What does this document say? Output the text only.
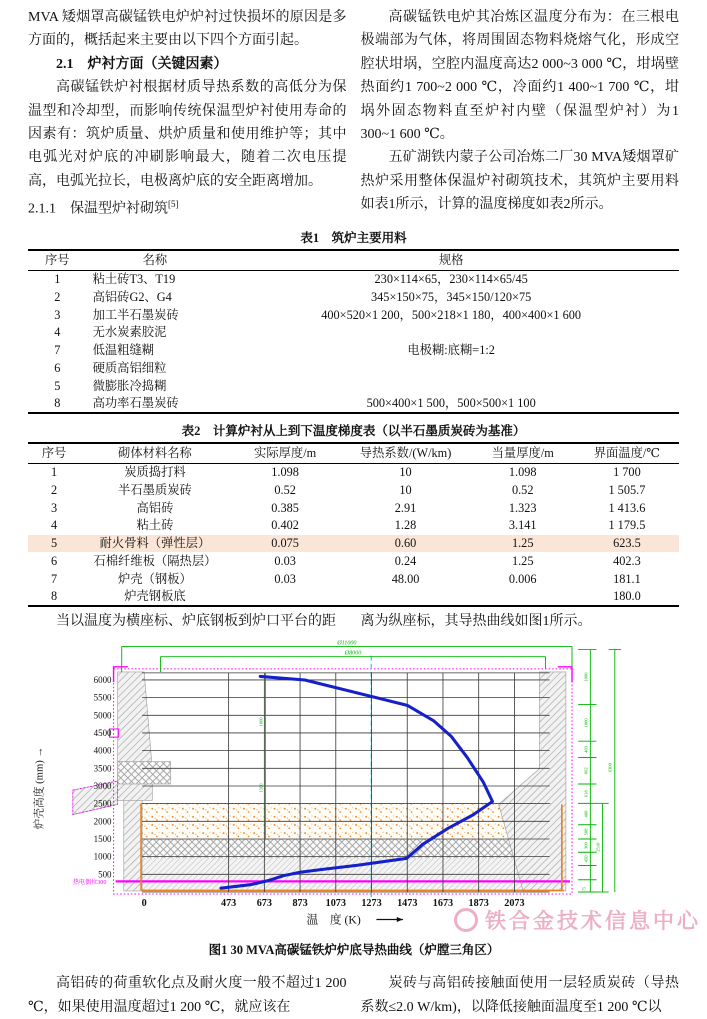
MVA 矮烟罩高碳锰铁电炉炉衬过快损坏的原因是多方面的，概括起来主要由以下四个方面引起。

2.1　炉衬方面（关键因素）

高碳锰铁炉衬根据材质导热系数的高低分为保温型和冷却型，而影响传统保温型炉衬使用寿命的因素有：筑炉质量、烘炉质量和使用维护等；其中电弧光对炉底的冲刷影响最大，随着二次电压提高，电弧光拉长，电极离炉底的安全距离增加。

2.1.1　保温型炉衬砌筑[5]

高碳锰铁电炉其冶炼区温度分布为：在三根电极端部为气体，将周围固态物料烧熔气化，形成空腔状坩埚，空腔内温度高达2 000~3 000 ℃，坩埚壁热面约1 700~2 000 ℃，冷面约1 400~1 700 ℃，坩埚外固态物料直至炉衬内壁（保温型炉衬）为1 300~1 600 ℃。

五矿湖铁内蒙子公司冶炼二厂30 MVA矮烟罩矿热炉采用整体保温炉衬砌筑技术，其筑炉主要用料如表1所示，计算的温度梯度如表2所示。

表1　筑炉主要用料
序号	名称	规格
1	粘土砖T3、T19	230×114×65，230×114×65/45
2	高铝砖G2、G4	345×150×75，345×150/120×75
3	加工半石墨炭砖	400×520×1 200，500×218×1 180，400×400×1 600
4	无水炭素胶泥	
7	低温粗缝糊	电极糊:底糊=1:2
6	硬质高铝细粒	
5	微膨胀冷捣糊	
8	高功率石墨炭砖	500×400×1 500，500×500×1 100
表2　计算炉衬从上到下温度梯度表（以半石墨质炭砖为基准）
序号	砌体材料名称	实际厚度/m	导热系数/(W/km)	当量厚度/m	界面温度/℃
1	炭质捣打料	1.098	10	1.098	1 700
2	半石墨质炭砖	0.52	10	0.52	1 505.7
3	高铝砖	0.385	2.91	1.323	1 413.6
4	粘土砖	0.402	1.28	3.141	1 179.5
5	耐火骨料（弹性层）	0.075	0.60	1.25	623.5
6	石棉纤维板（隔热层）	0.03	0.24	1.25	402.3
7	炉壳（钢板）	0.03	48.00	0.006	181.1
8	炉壳钢板底				180.0

当以温度为横座标、炉底钢板到炉口平台的距	离为纵座标，其导热曲线如图1所示。

Ø11000
Ø8000
1800
1000
483
862
618
480
508
300
450
2510
6300
75
1800
1500
500
1000
1500
2000
2500
3000
3500
4000
4500
5000
5500
6000
0	473 673 873 1073 1273 1473 1673 1873 2073
温　度 (K)
炉壳高度 (mm) →
热电偶位300
图1 30 MVA高碳锰铁炉炉底导热曲线（炉膛三角区）

高铝砖的荷重软化点及耐火度一般不超过1 200 ℃，如果使用温度超过1 200 ℃，就应该在

炭砖与高铝砖接触面使用一层轻质炭砖（导热系数≤2.0 W/km)，以降低接触面温度至1 200 ℃以

铁合金技术信息中心
